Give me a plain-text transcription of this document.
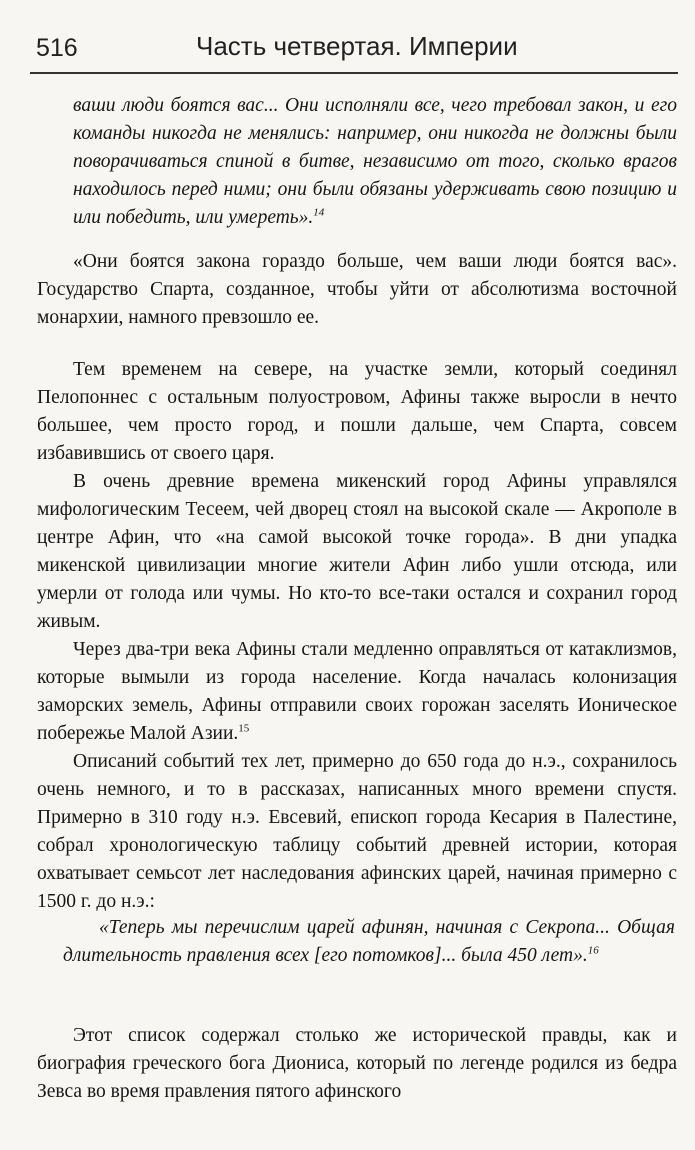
516	Часть четвертая. Империи

ваши люди боятся вас... Они исполняли все, чего требовал закон, и его команды никогда не менялись: например, они никогда не должны были поворачиваться спиной в битве, независимо от того, сколько врагов находилось перед ними; они были обязаны удерживать свою позицию и или победить, или умереть».$^{14}$

«Они боятся закона гораздо больше, чем ваши люди боятся вас». Государство Спарта, созданное, чтобы уйти от абсолютизма восточной монархии, намного превзошло ее.

Тем временем на севере, на участке земли, который соединял Пелопоннес с остальным полуостровом, Афины также выросли в нечто большее, чем просто город, и пошли дальше, чем Спарта, совсем избавившись от своего царя.

В очень древние времена микенский город Афины управлялся мифологическим Тесеем, чей дворец стоял на высокой скале — Акрополе в центре Афин, что «на самой высокой точке города». В дни упадка микенской цивилизации многие жители Афин либо ушли отсюда, или умерли от голода или чумы. Но кто-то все-таки остался и сохранил город живым.

Через два-три века Афины стали медленно оправляться от катаклизмов, которые вымыли из города население. Когда началась колонизация заморских земель, Афины отправили своих горожан заселять Ионическое побережье Малой Азии.$^{15}$

Описаний событий тех лет, примерно до 650 года до н.э., сохранилось очень немного, и то в рассказах, написанных много времени спустя. Примерно в 310 году н.э. Евсевий, епископ города Кесария в Палестине, собрал хронологическую таблицу событий древней истории, которая охватывает семьсот лет наследования афинских царей, начиная примерно с 1500 г. до н.э.:

«Теперь мы перечислим царей афинян, начиная с Секропа... Общая длительность правления всех [его потомков]... была 450 лет».$^{16}$

Этот список содержал столько же исторической правды, как и биография греческого бога Диониса, который по легенде родился из бедра Зевса во время правления пятого афинского
